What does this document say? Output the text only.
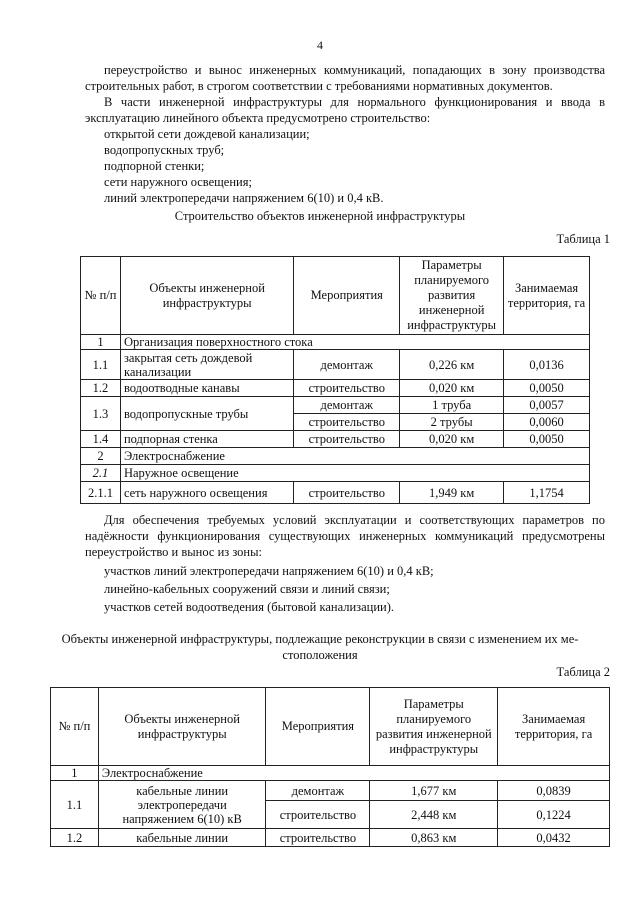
4
переустройство и вынос инженерных коммуникаций, попадающих в зону производства строительных работ, в строгом соответствии с требованиями нормативных документов.
В части инженерной инфраструктуры для нормального функционирования и ввода в эксплуатацию линейного объекта предусмотрено строительство:
открытой сети дождевой канализации;
водопропускных труб;
подпорной стенки;
сети наружного освещения;
линий электропередачи напряжением 6(10) и 0,4 кВ.
Строительство объектов инженерной инфраструктуры
Таблица 1
№ п/п	Объекты инженерной инфраструктуры	Мероприятия	Параметры планируемого развития инженерной инфраструктуры	Занимаемая территория, га
1	Организация поверхностного стока			
1.1	закрытая сеть дождевой канализации	демонтаж	0,226 км	0,0136
1.2	водоотводные канавы	строительство	0,020 км	0,0050
1.3	водопропускные трубы	демонтаж	1 труба	0,0057
		строительство	2 трубы	0,0060
1.4	подпорная стенка	строительство	0,020 км	0,0050
2	Электроснабжение			
2.1	Наружное освещение			
2.1.1	сеть наружного освещения	строительство	1,949 км	1,1754
Для обеспечения требуемых условий эксплуатации и соответствующих параметров по надёжности функционирования существующих инженерных коммуникаций предусмотрены переустройство и вынос из зоны:
участков линий электропередачи напряжением 6(10) и 0,4 кВ;
линейно-кабельных сооружений связи и линий связи;
участков сетей водоотведения (бытовой канализации).
Объекты инженерной инфраструктуры, подлежащие реконструкции в связи с изменением их ме-
стоположения
Таблица 2
№ п/п	Объекты инженерной инфраструктуры	Мероприятия	Параметры планируемого развития инженерной инфраструктуры	Занимаемая территория, га
1	Электроснабжение			
1.1	кабельные линии электропередачи напряжением 6(10) кВ	демонтаж	1,677 км	0,0839
		строительство	2,448 км	0,1224
1.2	кабельные линии	строительство	0,863 км	0,0432
